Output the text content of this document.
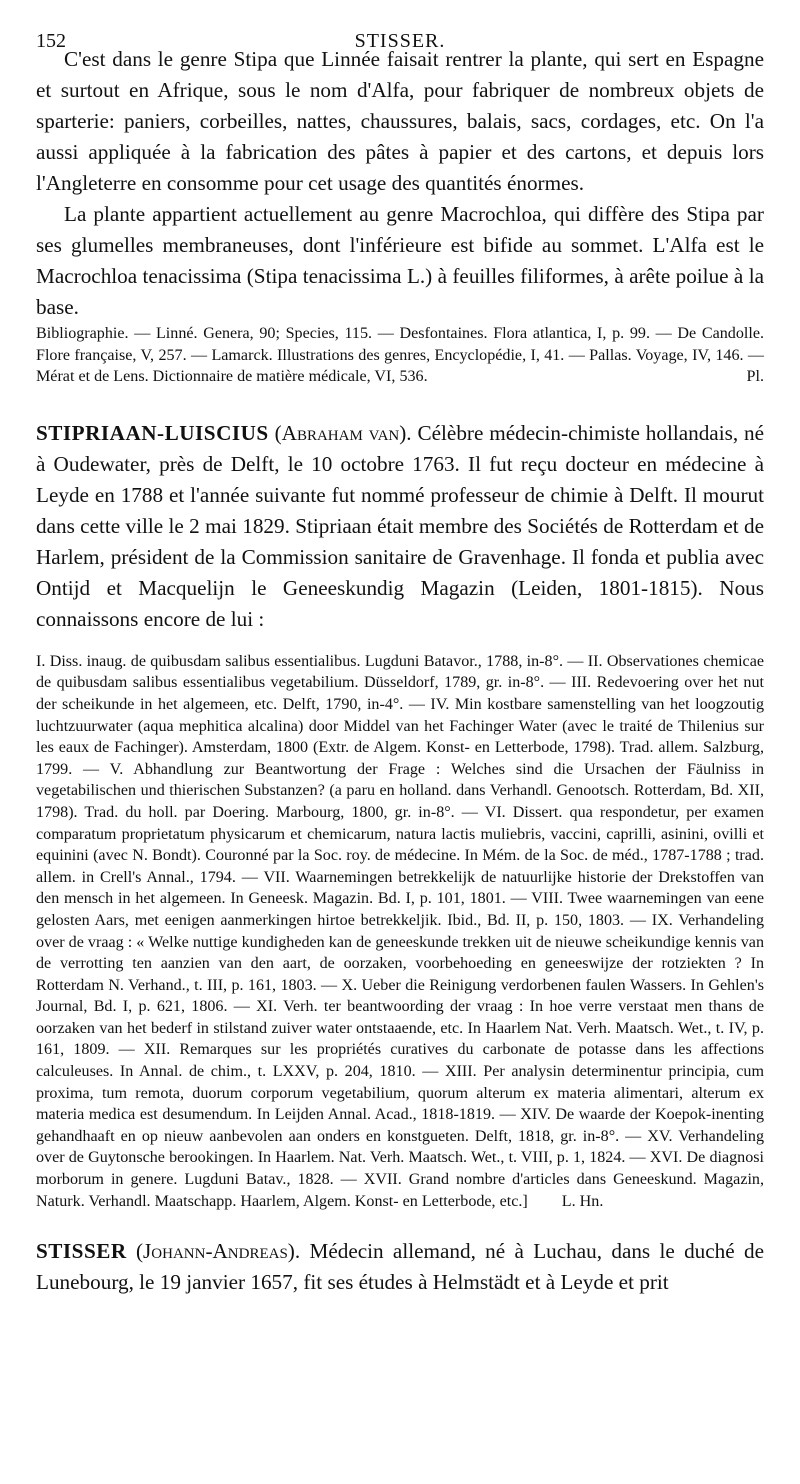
152	STISSER.

C'est dans le genre Stipa que Linnée faisait rentrer la plante, qui sert en Espagne et surtout en Afrique, sous le nom d'Alfa, pour fabriquer de nombreux objets de sparterie: paniers, corbeilles, nattes, chaussures, balais, sacs, cordages, etc. On l'a aussi appliquée à la fabrication des pâtes à papier et des cartons, et depuis lors l'Angleterre en consomme pour cet usage des quantités énormes.

La plante appartient actuellement au genre Macrochloa, qui diffère des Stipa par ses glumelles membraneuses, dont l'inférieure est bifide au sommet. L'Alfa est le Macrochloa tenacissima (Stipa tenacissima L.) à feuilles filiformes, à arête poilue à la base.

Bibliographie. — Linné. Genera, 90; Species, 115. — Desfontaines. Flora atlantica, I, p. 99. — De Candolle. Flore française, V, 257. — Lamarck. Illustrations des genres, Encyclopédie, I, 41. — Pallas. Voyage, IV, 146. — Mérat et de Lens. Dictionnaire de matière médicale, VI, 536.	Pl.

STIPRIAAN-LUISCIUS (Abraham van). Célèbre médecin-chimiste hollandais, né à Oudewater, près de Delft, le 10 octobre 1763. Il fut reçu docteur en médecine à Leyde en 1788 et l'année suivante fut nommé professeur de chimie à Delft. Il mourut dans cette ville le 2 mai 1829. Stipriaan était membre des Sociétés de Rotterdam et de Harlem, président de la Commission sanitaire de Gravenhage. Il fonda et publia avec Ontijd et Macquelijn le Geneeskundig Magazin (Leiden, 1801-1815). Nous connaissons encore de lui :

I. Diss. inaug. de quibusdam salibus essentialibus. Lugduni Batavor., 1788, in-8°. — II. Observationes chemicae de quibusdam salibus essentialibus vegetabilium. Düsseldorf, 1789, gr. in-8°. — III. Redevoering over het nut der scheikunde in het algemeen, etc. Delft, 1790, in-4°. — IV. Min kostbare samenstelling van het loogzoutig luchtzuurwater (aqua mephitica alcalina) door Middel van het Fachinger Water (avec le traité de Thilenius sur les eaux de Fachinger). Amsterdam, 1800 (Extr. de Algem. Konst- en Letterbode, 1798). Trad. allem. Salzburg, 1799. — V. Abhandlung zur Beantwortung der Frage : Welches sind die Ursachen der Fäulniss in vegetabilischen und thierischen Substanzen? (a paru en holland. dans Verhandl. Genootsch. Rotterdam, Bd. XII, 1798). Trad. du holl. par Doering. Marbourg, 1800, gr. in-8°. — VI. Dissert. qua respondetur, per examen comparatum proprietatum physicarum et chemicarum, natura lactis muliebris, vaccini, caprilli, asinini, ovilli et equinini (avec N. Bondt). Couronné par la Soc. roy. de médecine. In Mém. de la Soc. de méd., 1787-1788 ; trad. allem. in Crell's Annal., 1794. — VII. Waarnemingen betrekkelijk de natuurlijke historie der Drekstoffen van den mensch in het algemeen. In Geneesk. Magazin. Bd. I, p. 101, 1801. — VIII. Twee waarnemingen van eene gelosten Aars, met eenigen aanmerkingen hirtoe betrekkeljik. Ibid., Bd. II, p. 150, 1803. — IX. Verhandeling over de vraag : « Welke nuttige kundigheden kan de geneeskunde trekken uit de nieuwe scheikundige kennis van de verrotting ten aanzien van den aart, de oorzaken, voorbehoeding en geneeswijze der rotziekten ? In Rotterdam N. Verhand., t. III, p. 161, 1803. — X. Ueber die Reinigung verdorbenen faulen Wassers. In Gehlen's Journal, Bd. I, p. 621, 1806. — XI. Verh. ter beantwoording der vraag : In hoe verre verstaat men thans de oorzaken van het bederf in stilstand zuiver water ontstaaende, etc. In Haarlem Nat. Verh. Maatsch. Wet., t. IV, p. 161, 1809. — XII. Remarques sur les propriétés curatives du carbonate de potasse dans les affections calculeuses. In Annal. de chim., t. LXXV, p. 204, 1810. — XIII. Per analysin determinentur principia, cum proxima, tum remota, duorum corporum vegetabilium, quorum alterum ex materia alimentari, alterum ex materia medica est desumendum. In Leijden Annal. Acad., 1818-1819. — XIV. De waarde der Koepok-inenting gehandhaaft en op nieuw aanbevolen aan onders en konstgueten. Delft, 1818, gr. in-8°. — XV. Verhandeling over de Guytonsche berookingen. In Haarlem. Nat. Verh. Maatsch. Wet., t. VIII, p. 1, 1824. — XVI. De diagnosi morborum in genere. Lugduni Batav., 1828. — XVII. Grand nombre d'articles dans Geneeskund. Magazin, Naturk. Verhandl. Maatschapp. Haarlem, Algem. Konst- en Letterbode, etc.] L. Hn.

STISSER (Johann-Andreas). Médecin allemand, né à Luchau, dans le duché de Lunebourg, le 19 janvier 1657, fit ses études à Helmstädt et à Leyde et prit
